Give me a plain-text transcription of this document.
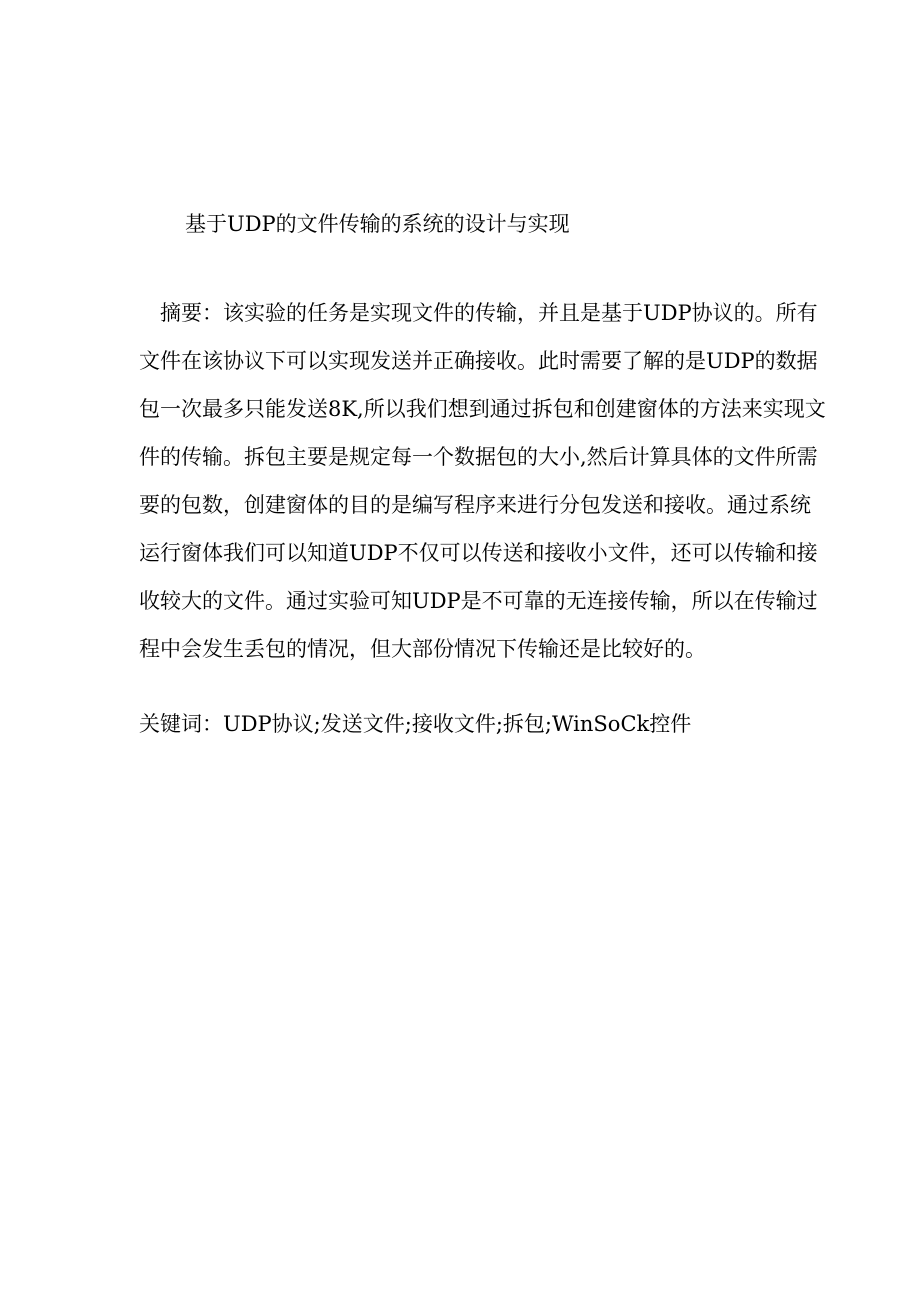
基于UDP的文件传输的系统的设计与实现
摘要：该实验的任务是实现文件的传输，并且是基于UDP协议的。所有
文件在该协议下可以实现发送并正确接收。此时需要了解的是UDP的数据
包一次最多只能发送8K,所以我们想到通过拆包和创建窗体的方法来实现文
件的传输。拆包主要是规定每一个数据包的大小,然后计算具体的文件所需
要的包数，创建窗体的目的是编写程序来进行分包发送和接收。通过系统
运行窗体我们可以知道UDP不仅可以传送和接收小文件，还可以传输和接
收较大的文件。通过实验可知UDP是不可靠的无连接传输，所以在传输过
程中会发生丢包的情况，但大部份情况下传输还是比较好的。
关键词：UDP协议;发送文件;接收文件;拆包;WinSoCk控件
